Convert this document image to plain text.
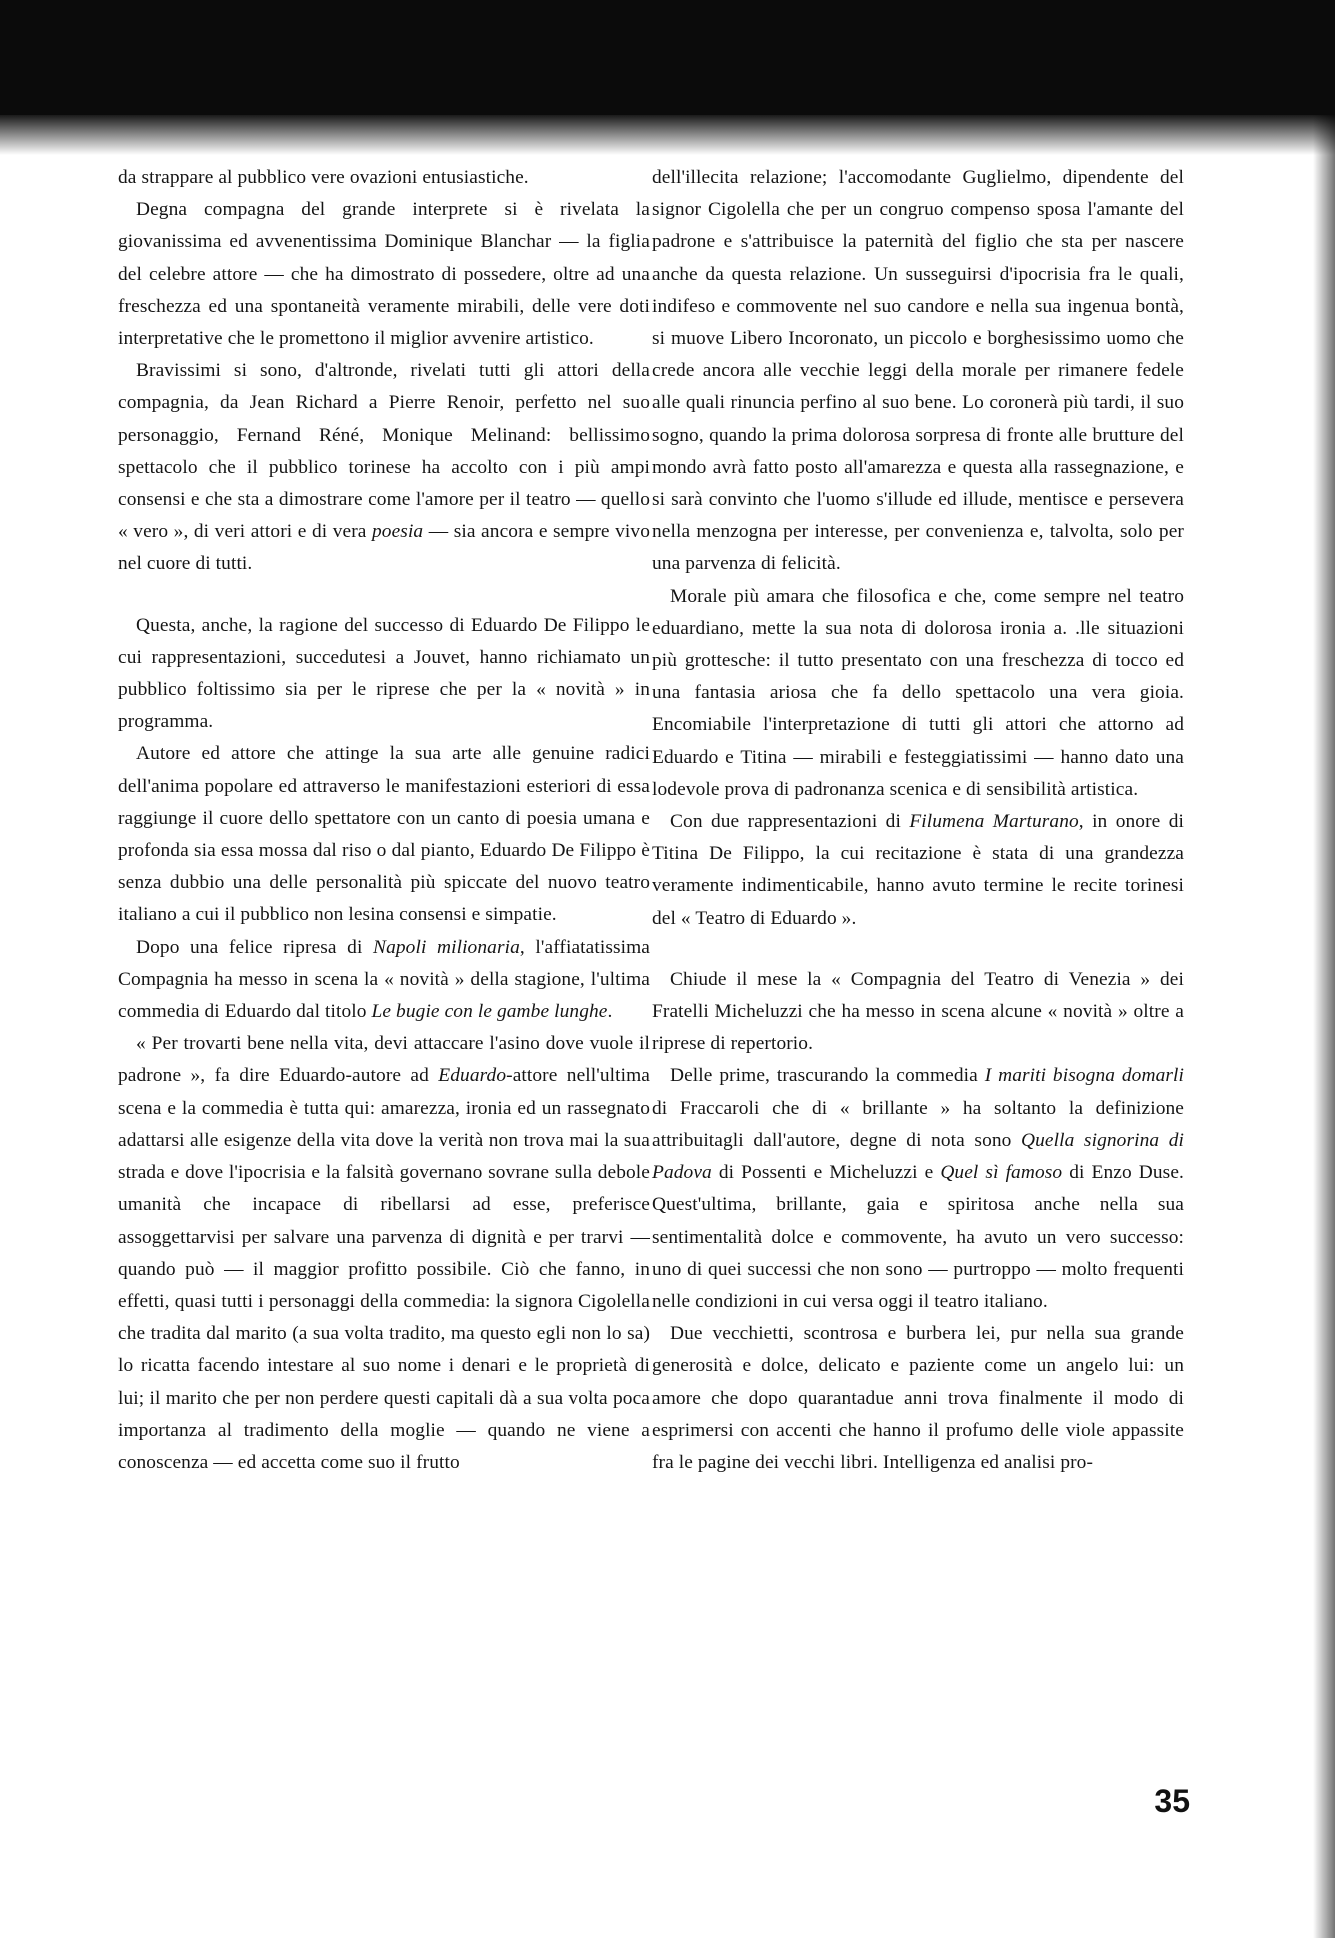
da strappare al pubblico vere ovazioni entusiastiche.

Degna compagna del grande interprete si è rivelata la giovanissima ed avvenentissima Dominique Blanchar — la figlia del celebre attore — che ha dimostrato di possedere, oltre ad una freschezza ed una spontaneità veramente mirabili, delle vere doti interpretative che le promettono il miglior avvenire artistico.

Bravissimi si sono, d'altronde, rivelati tutti gli attori della compagnia, da Jean Richard a Pierre Renoir, perfetto nel suo personaggio, Fernand Réné, Monique Melinand: bellissimo spettacolo che il pubblico torinese ha accolto con i più ampi consensi e che sta a dimostrare come l'amore per il teatro — quello « vero », di veri attori e di vera poesia — sia ancora e sempre vivo nel cuore di tutti.

Questa, anche, la ragione del successo di Eduardo De Filippo le cui rappresentazioni, succedutesi a Jouvet, hanno richiamato un pubblico foltissimo sia per le riprese che per la « novità » in programma.

Autore ed attore che attinge la sua arte alle genuine radici dell'anima popolare ed attraverso le manifestazioni esteriori di essa raggiunge il cuore dello spettatore con un canto di poesia umana e profonda sia essa mossa dal riso o dal pianto, Eduardo De Filippo è senza dubbio una delle personalità più spiccate del nuovo teatro italiano a cui il pubblico non lesina consensi e simpatie.

Dopo una felice ripresa di Napoli milionaria, l'affiatatissima Compagnia ha messo in scena la « novità » della stagione, l'ultima commedia di Eduardo dal titolo Le bugie con le gambe lunghe.

« Per trovarti bene nella vita, devi attaccare l'asino dove vuole il padrone », fa dire Eduardo-autore ad Eduardo-attore nell'ultima scena e la commedia è tutta qui: amarezza, ironia ed un rassegnato adattarsi alle esigenze della vita dove la verità non trova mai la sua strada e dove l'ipocrisia e la falsità governano sovrane sulla debole umanità che incapace di ribellarsi ad esse, preferisce assoggettarvisi per salvare una parvenza di dignità e per trarvi — quando può — il maggior profitto possibile. Ciò che fanno, in effetti, quasi tutti i personaggi della commedia: la signora Cigolella che tradita dal marito (a sua volta tradito, ma questo egli non lo sa) lo ricatta facendo intestare al suo nome i denari e le proprietà di lui; il marito che per non perdere questi capitali dà a sua volta poca importanza al tradimento della moglie — quando ne viene a conoscenza — ed accetta come suo il frutto

dell'illecita relazione; l'accomodante Guglielmo, dipendente del signor Cigolella che per un congruo compenso sposa l'amante del padrone e s'attribuisce la paternità del figlio che sta per nascere anche da questa relazione. Un susseguirsi d'ipocrisia fra le quali, indifeso e commovente nel suo candore e nella sua ingenua bontà, si muove Libero Incoronato, un piccolo e borghesissimo uomo che crede ancora alle vecchie leggi della morale per rimanere fedele alle quali rinuncia perfino al suo bene. Lo coronerà più tardi, il suo sogno, quando la prima dolorosa sorpresa di fronte alle brutture del mondo avrà fatto posto all'amarezza e questa alla rassegnazione, e si sarà convinto che l'uomo s'illude ed illude, mentisce e persevera nella menzogna per interesse, per convenienza e, talvolta, solo per una parvenza di felicità.

Morale più amara che filosofica e che, come sempre nel teatro eduardiano, mette la sua nota di dolorosa ironia a. .lle situazioni più grottesche: il tutto presentato con una freschezza di tocco ed una fantasia ariosa che fa dello spettacolo una vera gioia. Encomiabile l'interpretazione di tutti gli attori che attorno ad Eduardo e Titina — mirabili e festeggiatissimi — hanno dato una lodevole prova di padronanza scenica e di sensibilità artistica.

Con due rappresentazioni di Filumena Marturano, in onore di Titina De Filippo, la cui recitazione è stata di una grandezza veramente indimenticabile, hanno avuto termine le recite torinesi del « Teatro di Eduardo ».

Chiude il mese la « Compagnia del Teatro di Venezia » dei Fratelli Micheluzzi che ha messo in scena alcune « novità » oltre a riprese di repertorio.

Delle prime, trascurando la commedia I mariti bisogna domarli di Fraccaroli che di « brillante » ha soltanto la definizione attribuitagli dall'autore, degne di nota sono Quella signorina di Padova di Possenti e Micheluzzi e Quel sì famoso di Enzo Duse. Quest'ultima, brillante, gaia e spiritosa anche nella sua sentimentalità dolce e commovente, ha avuto un vero successo: uno di quei successi che non sono — purtroppo — molto frequenti nelle condizioni in cui versa oggi il teatro italiano.

Due vecchietti, scontrosa e burbera lei, pur nella sua grande generosità e dolce, delicato e paziente come un angelo lui: un amore che dopo quarantadue anni trova finalmente il modo di esprimersi con accenti che hanno il profumo delle viole appassite fra le pagine dei vecchi libri. Intelligenza ed analisi pro-

35
